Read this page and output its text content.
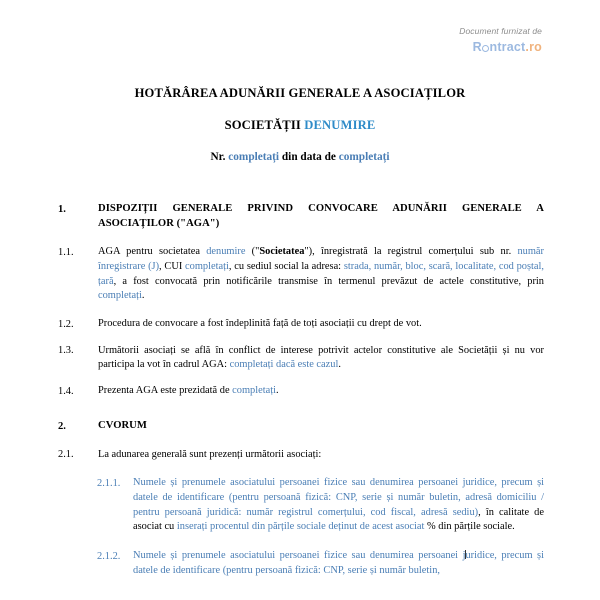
Document furnizat de
R ntract.ro
HOTĂRÂREA ADUNĂRII GENERALE A ASOCIAȚILOR
SOCIETĂȚII DENUMIRE
Nr. completați din data de completați
1.	DISPOZIȚII GENERALE PRIVIND CONVOCARE ADUNĂRII GENERALE A ASOCIAȚILOR ("AGA")
1.1.	AGA pentru societatea denumire ("Societatea"), înregistrată la registrul comerțului sub nr. număr înregistrare (J), CUI completați, cu sediul social la adresa: strada, număr, bloc, scară, localitate, cod poștal, țară, a fost convocată prin notificările transmise în termenul prevăzut de actele constitutive, prin completați.
1.2.	Procedura de convocare a fost îndeplinită față de toți asociații cu drept de vot.
1.3.	Următorii asociați se află în conflict de interese potrivit actelor constitutive ale Societății și nu vor participa la vot în cadrul AGA: completați dacă este cazul.
1.4.	Prezenta AGA este prezidată de completați.
2.	CVORUM
2.1.	La adunarea generală sunt prezenți următorii asociați:
2.1.1.	Numele și prenumele asociatului persoanei fizice sau denumirea persoanei juridice, precum și datele de identificare (pentru persoană fizică: CNP, serie și număr buletin, adresă domiciliu / pentru persoană juridică: număr registrul comerțului, cod fiscal, adresă sediu), în calitate de asociat cu inserați procentul din părțile sociale deținut de acest asociat % din părțile sociale.
2.1.2.	Numele și prenumele asociatului persoanei fizice sau denumirea persoanei juridice, precum și datele de identificare (pentru persoană fizică: CNP, serie și număr buletin,
